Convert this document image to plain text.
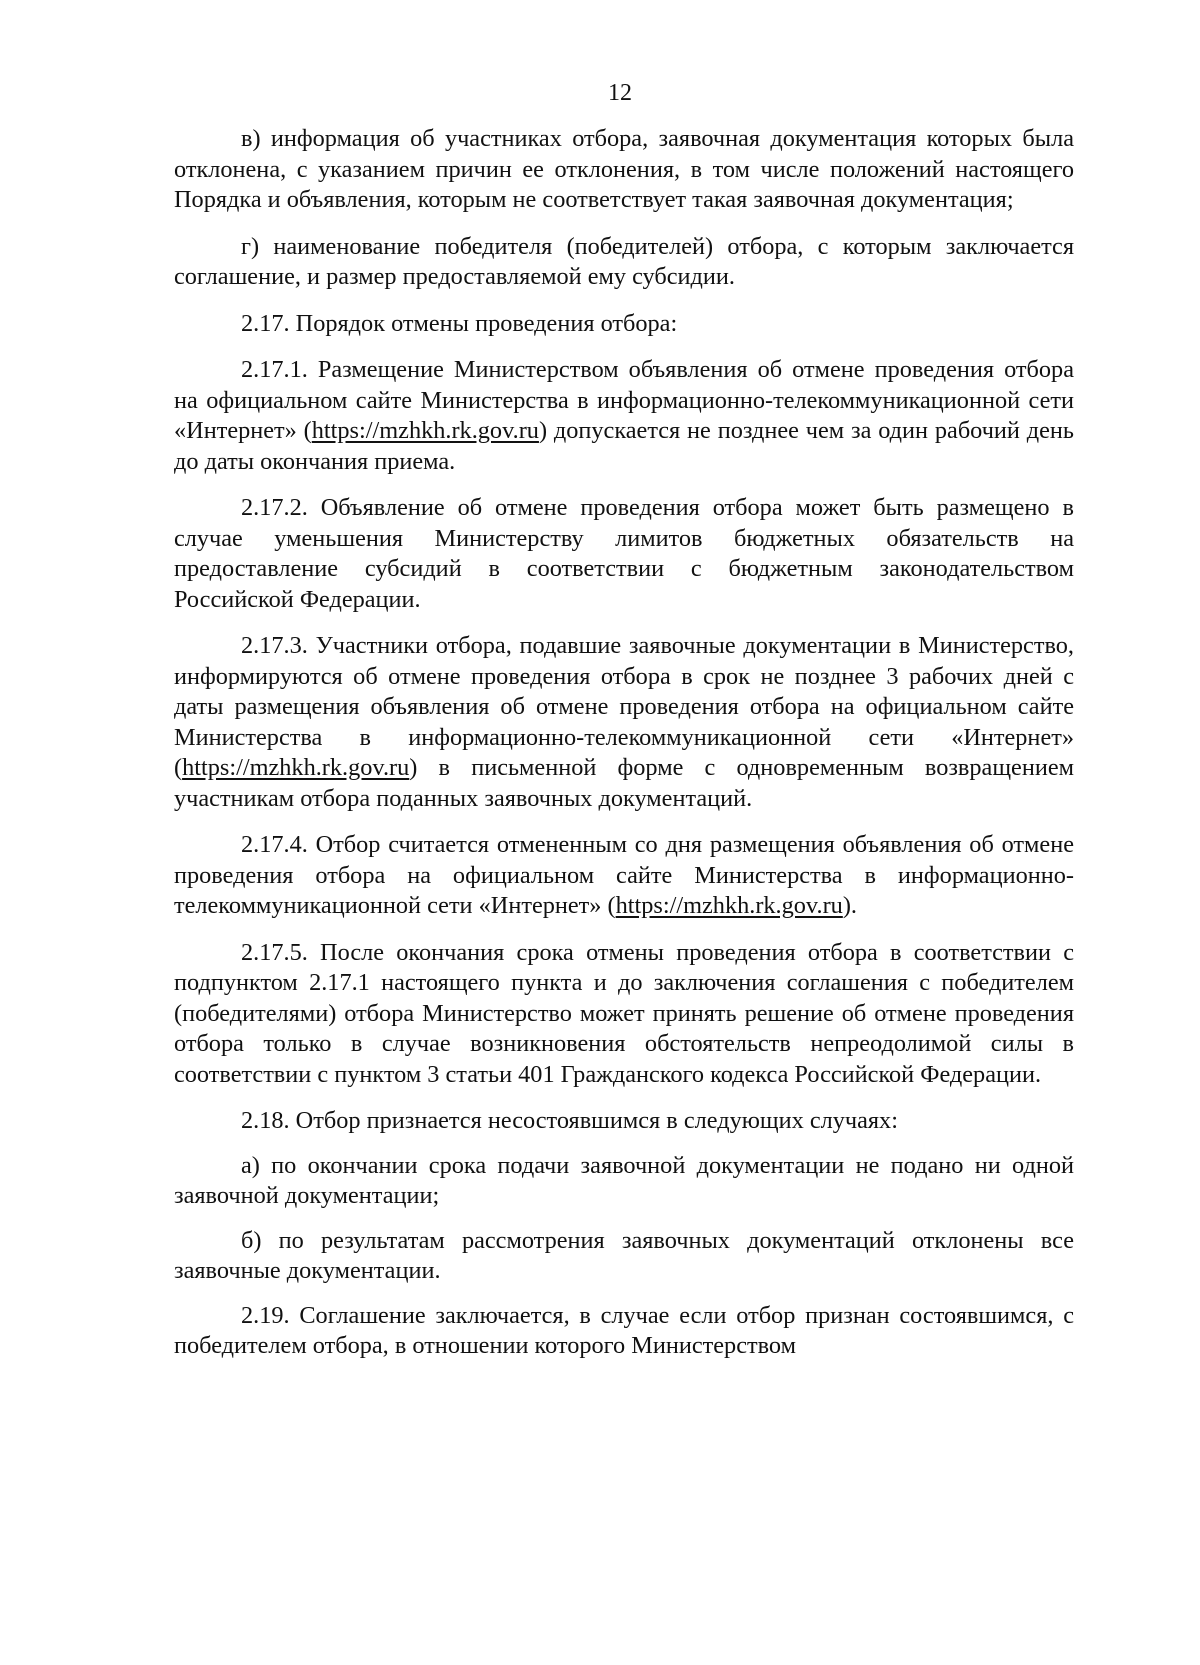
12

в) информация об участниках отбора, заявочная документация которых была отклонена, с указанием причин ее отклонения, в том числе положений настоящего Порядка и объявления, которым не соответствует такая заявочная документация;

г) наименование победителя (победителей) отбора, с которым заключается соглашение, и размер предоставляемой ему субсидии.

2.17. Порядок отмены проведения отбора:

2.17.1. Размещение Министерством объявления об отмене проведения отбора на официальном сайте Министерства в информационно-телекоммуникационной сети «Интернет» (https://mzhkh.rk.gov.ru) допускается не позднее чем за один рабочий день до даты окончания приема.

2.17.2. Объявление об отмене проведения отбора может быть размещено в случае уменьшения Министерству лимитов бюджетных обязательств на предоставление субсидий в соответствии с бюджетным законодательством Российской Федерации.

2.17.3. Участники отбора, подавшие заявочные документации в Министерство, информируются об отмене проведения отбора в срок не позднее 3 рабочих дней с даты размещения объявления об отмене проведения отбора на официальном сайте Министерства в информационно-телекоммуникационной сети «Интернет» (https://mzhkh.rk.gov.ru) в письменной форме с одновременным возвращением участникам отбора поданных заявочных документаций.

2.17.4. Отбор считается отмененным со дня размещения объявления об отмене проведения отбора на официальном сайте Министерства в информационно-телекоммуникационной сети «Интернет» (https://mzhkh.rk.gov.ru).

2.17.5. После окончания срока отмены проведения отбора в соответствии с подпунктом 2.17.1 настоящего пункта и до заключения соглашения с победителем (победителями) отбора Министерство может принять решение об отмене проведения отбора только в случае возникновения обстоятельств непреодолимой силы в соответствии с пунктом 3 статьи 401 Гражданского кодекса Российской Федерации.

2.18. Отбор признается несостоявшимся в следующих случаях:

а) по окончании срока подачи заявочной документации не подано ни одной заявочной документации;

б) по результатам рассмотрения заявочных документаций отклонены все заявочные документации.

2.19. Соглашение заключается, в случае если отбор признан состоявшимся, с победителем отбора, в отношении которого Министерством
